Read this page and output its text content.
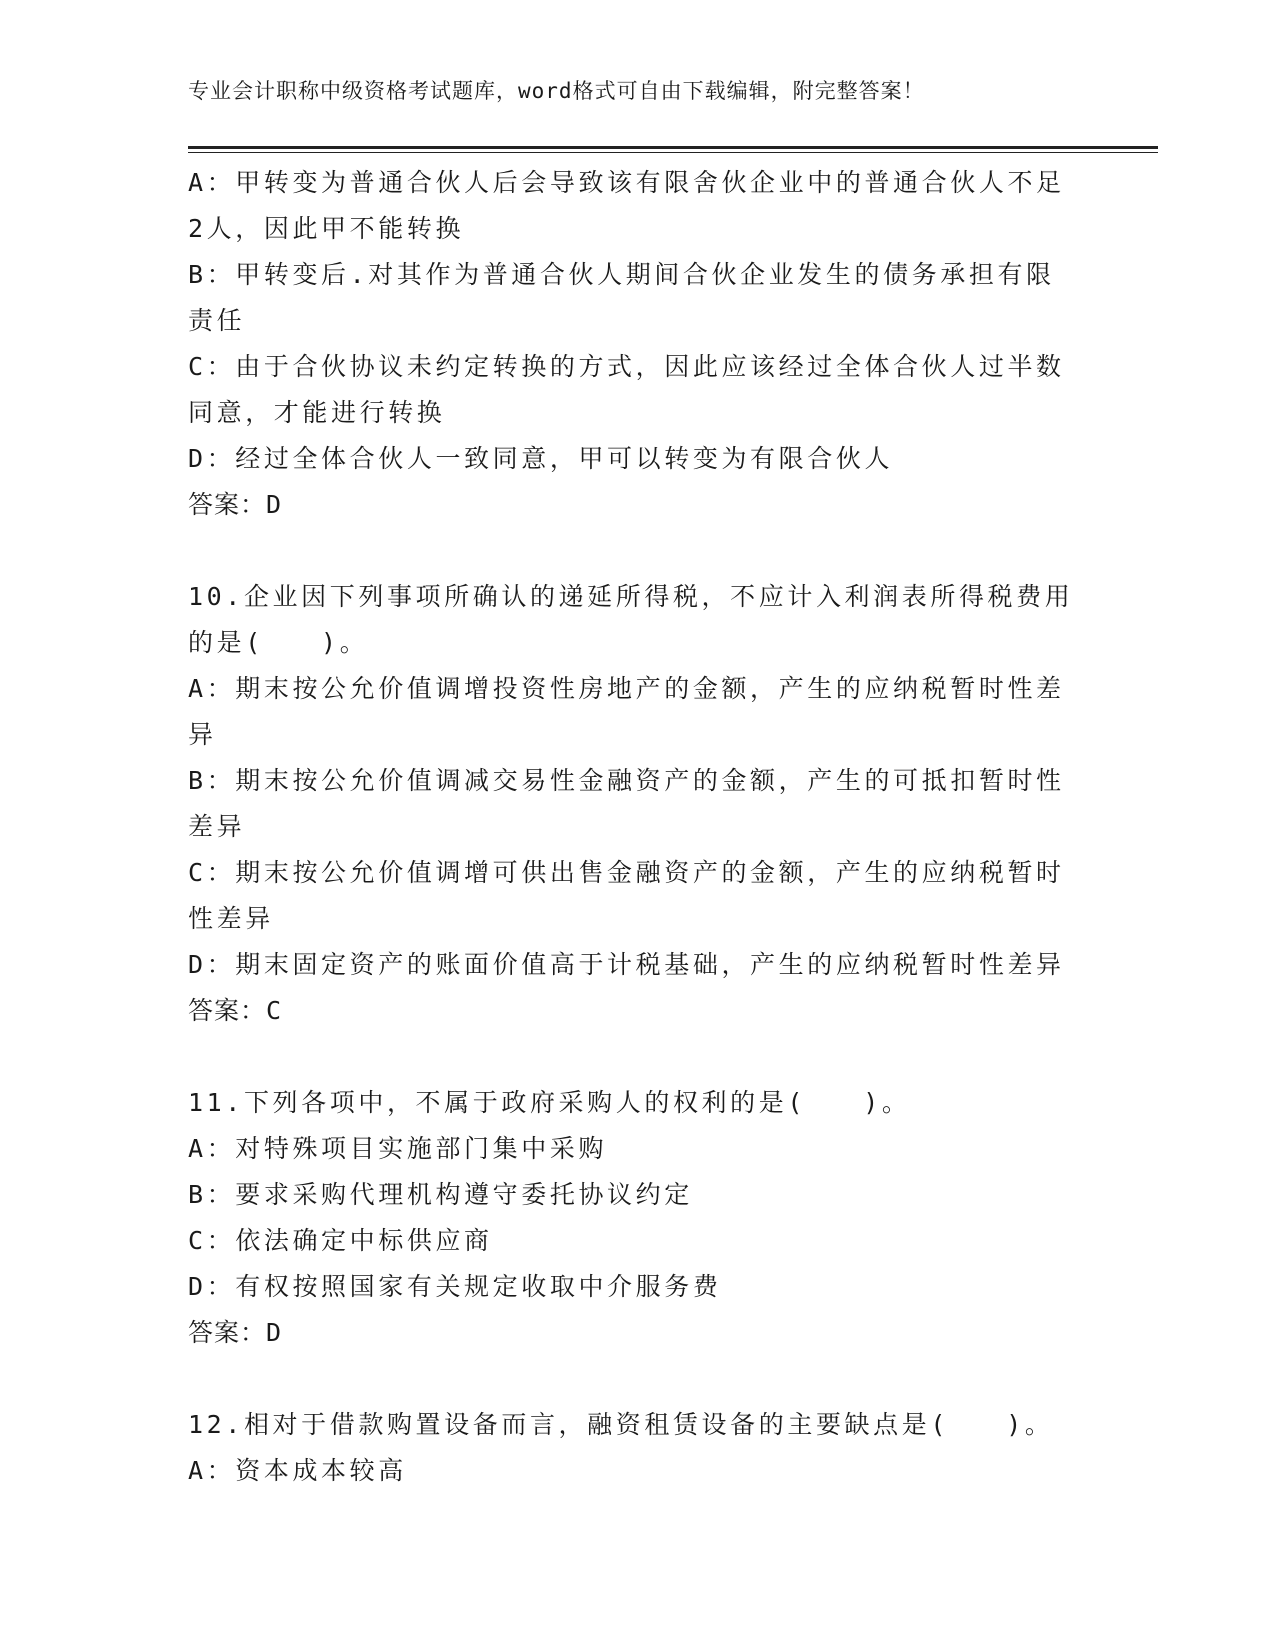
专业会计职称中级资格考试题库，word格式可自由下载编辑，附完整答案！
A：甲转变为普通合伙人后会导致该有限舍伙企业中的普通合伙人不足
2人，因此甲不能转换
B：甲转变后.对其作为普通合伙人期间合伙企业发生的债务承担有限
责任
C：由于合伙协议未约定转换的方式，因此应该经过全体合伙人过半数
同意，才能进行转换
D：经过全体合伙人一致同意，甲可以转变为有限合伙人
答案：D
10.企业因下列事项所确认的递延所得税，不应计入利润表所得税费用
的是(　　)。
A：期末按公允价值调增投资性房地产的金额，产生的应纳税暂时性差
异
B：期末按公允价值调减交易性金融资产的金额，产生的可抵扣暂时性
差异
C：期末按公允价值调增可供出售金融资产的金额，产生的应纳税暂时
性差异
D：期末固定资产的账面价值高于计税基础，产生的应纳税暂时性差异
答案：C
11.下列各项中，不属于政府采购人的权利的是(　　)。
A：对特殊项目实施部门集中采购
B：要求采购代理机构遵守委托协议约定
C：依法确定中标供应商
D：有权按照国家有关规定收取中介服务费
答案：D
12.相对于借款购置设备而言，融资租赁设备的主要缺点是(　　)。
A：资本成本较高
